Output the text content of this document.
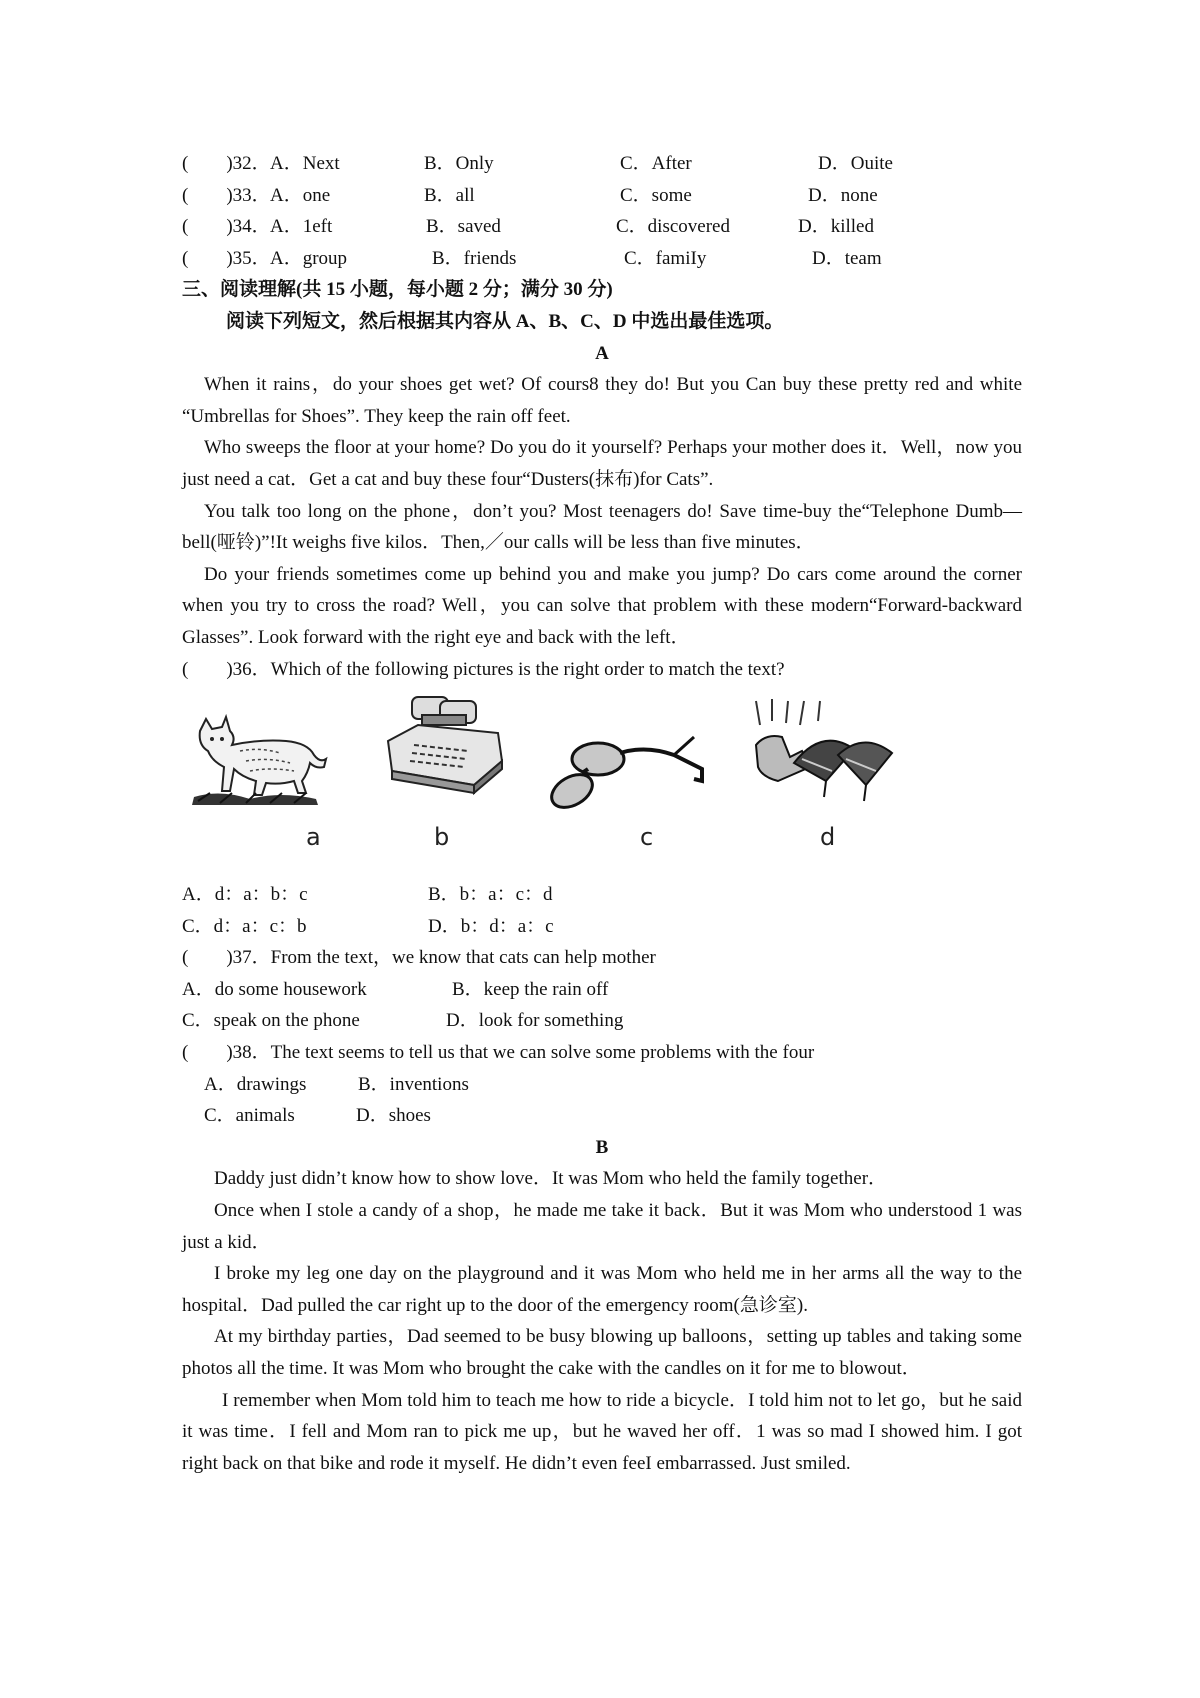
(　　)32． A．Next	B．Only	C．After	D．Ouite
(　　)33． A．one	B．all	C．some	D．none
(　　)34． A．1eft	B．saved	C．discovered	D．killed
(　　)35． A．group	B．friends	C．famiIy	D．team
三、阅读理解(共 15 小题，每小题 2 分；满分 30 分)
阅读下列短文，然后根据其内容从 A、B、C、D 中选出最佳选项。
A
When it rains，do your shoes get wet? Of cours8 they do! But you Can buy these pretty red and white “Umbrellas for Shoes”. They keep the rain off feet.
Who sweeps the floor at your home? Do you do it yourself? Perhaps your mother does it．Well，now you just need a cat．Get a cat and buy these four“Dusters(抹布)for Cats”.
You talk too long on the phone，don’t you? Most teenagers do! Save time-buy the“Telephone Dumb—bell(哑铃)”!It weighs five kilos．Then,／our calls will be less than five minutes．
Do your friends sometimes come up behind you and make you jump? Do cars come around the corner when you try to cross the road? Well，you can solve that problem with these modern“Forward-backward Glasses”. Look forward with the right eye and back with the left．
(　　)36．Which of the following pictures is the right order to match the text?
a	b	c	d
A．d：a：b：c	B．b：a：c：d
C．d：a：c：b	D．b：d：a：c
(　　)37．From the text，we know that cats can help mother
A．do some housework	B．keep the rain off
C．speak on the phone	D．look for something
(　　)38．The text seems to tell us that we can solve some problems with the four
A．drawings	B．inventions
C．animals	D．shoes
B
Daddy just didn’t know how to show love．It was Mom who held the family together．
Once when I stole a candy of a shop，he made me take it back．But it was Mom who understood 1 was just a kid．
I broke my leg one day on the playground and it was Mom who held me in her arms all the way to the hospital．Dad pulled the car right up to the door of the emergency room(急诊室).
At my birthday parties，Dad seemed to be busy blowing up balloons，setting up tables and taking some photos all the time. It was Mom who brought the cake with the candles on it for me to blowout．
I remember when Mom told him to teach me how to ride a bicycle．I told him not to let go，but he said it was time．I fell and Mom ran to pick me up，but he waved her off．1 was so mad I showed him. I got right back on that bike and rode it myself. He didn’t even feeI embarrassed. Just smiled.
